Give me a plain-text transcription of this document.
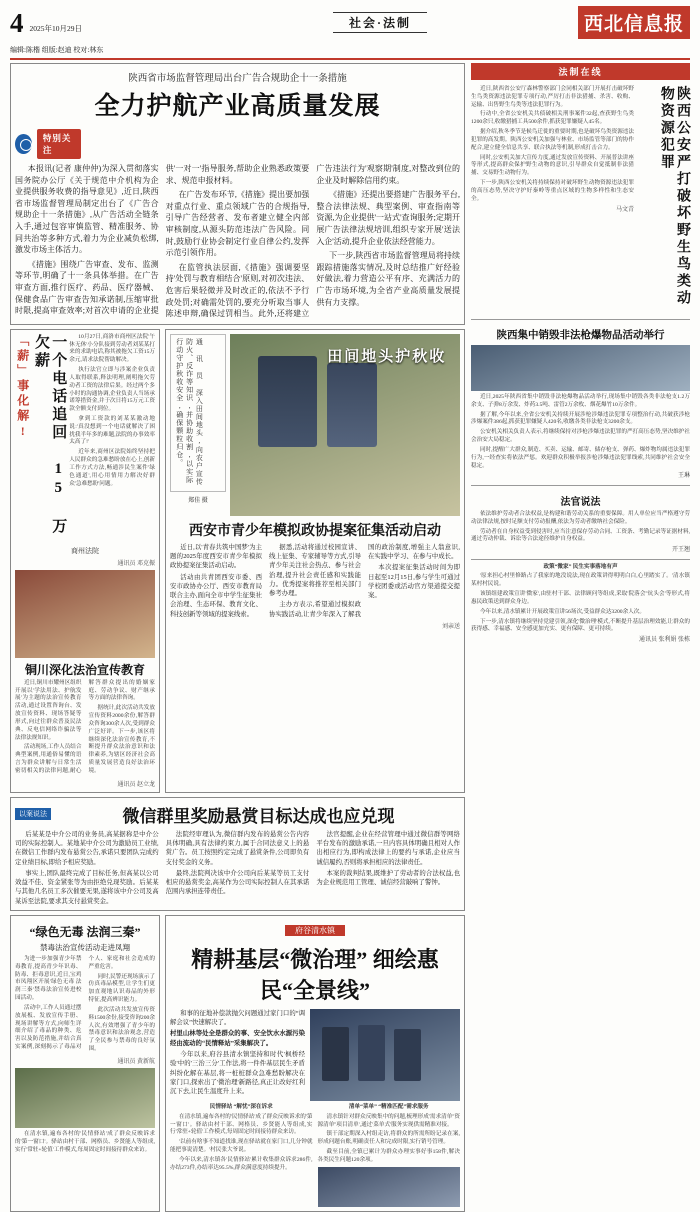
4 2025年10月29日
编辑:陈楷 组版:赵迪 校对:林东
社会·法制	西北信息报
陕西省市场监督管理局出台广告合规助企十一条措施
全力护航产业高质量发展
特别关注

本报讯(记者 康仲仲)为深入贯彻落实国务院办公厅《关于规范中介机构为企业提供服务收费的指导意见》,近日,陕西省市场监督管理局制定出台了《广告合规助企十一条措施》,从广告活动全链条入手,通过包容审慎监管、精准服务、协同共治等多种方式,着力为企业减负松绑,激发市场主体活力。

《措施》围绕广告审查、发布、监测等环节,明确了十一条具体举措。在广告审查方面,推行医疗、药品、医疗器械、保健食品广告审查告知承诺制,压缩审批时限,提高审查效率;对首次申请的企业提供'一对一'指导服务,帮助企业熟悉政策要求、规范申报材料。

在广告发布环节,《措施》提出要加强对重点行业、重点领域广告的合规指导,引导广告经营者、发布者建立健全内部审核制度,从源头防范违法广告风险。同时,鼓励行业协会制定行业自律公约,发挥示范引领作用。

在监管执法层面,《措施》强调要坚持'处罚与教育相结合'原则,对初次违法、危害后果轻微并及时改正的,依法不予行政处罚;对确需处罚的,要充分听取当事人陈述申辩,确保过罚相当。此外,还将建立广告违法行为'观察期'制度,对整改到位的企业及时解除信用约束。

《措施》还提出要搭建广告服务平台,整合法律法规、典型案例、审查指南等资源,为企业提供'一站式'查询服务;定期开展广告法律法规培训,组织专家开展'送法入企'活动,提升企业依法经营能力。

下一步,陕西省市场监督管理局将持续跟踪措施落实情况,及时总结推广好经验好做法,着力营造公平有序、充满活力的广告市场环境,为全省产业高质量发展提供有力支撑。

「薪」事化解!	一个电话追回 15 万欠薪	10月27日,商洛市商州区法院'午休无休'小分队接到劳动者刘某某打来的求助电话,称其被拖欠工资15万余元,请求法院帮助解决。

执行法官立即与涉案企业负责人取得联系,释法明理,阐明拖欠劳动者工资的法律后果。经过两个多小时的沟通协调,企业负责人当场承诺筹措资金,并于次日将15万元工资款全额支付到位。

拿到工资款的刘某某激动地说:'真没想到一个电话就解决了困扰我半年多的难题,法院的办事效率太高了!'

近年来,商州区法院始终坚持把人民群众的急难愁盼放在心上,创新工作方式方法,畅通涉民生案件'绿色通道',用心用情用力解决好群众'急难愁盼'问题。

商州法院
通讯员 邓克振
铜川深化法治宣传教育

近日,铜川市耀州区组织开展以'学法用法、护航发展'为主题的法治宣传教育活动,通过设置咨询台、发放宣传资料、现场答疑等形式,向过往群众普及民法典、反电信网络诈骗法等法律法规知识。

活动现场,工作人员结合典型案例,用通俗易懂的语言为群众讲解与日常生活密切相关的法律问题,耐心解答群众提出的婚姻家庭、劳动争议、财产继承等方面的法律咨询。

据统计,此次活动共发放宣传资料2000余份,解答群众咨询300余人次,受到群众广泛好评。下一步,该区将继续深化法治宣传教育,不断提升群众法治意识和法律素养,为辖区经济社会高质量发展营造良好法治环境。

通讯员 赵立龙
通 讯 员 深入田间地头,向农户宣传防火、反诈等知识,并协助收割,以实际行动守护秋收安全,确保颗粒归仓。
郑佳 摄
田间地头护秋收
西安市青少年模拟政协提案征集活动启动

近日,以'青春共筑中国梦'为主题的2025年度西安市青少年模拟政协提案征集活动启动。

活动由共青团西安市委、西安市政协办公厅、西安市教育局联合主办,面向全市中学生征集社会治理、生态环保、教育文化、科技创新等领域的提案线索。

据悉,活动将通过校园宣讲、线上征集、专家辅导等方式,引导青少年关注社会热点、参与社会治理,提升社会责任感和实践能力。优秀提案将推荐至相关部门参考办理。

主办方表示,希望通过模拟政协实践活动,让青少年深入了解我国的政治制度,增强主人翁意识,在实践中学习、在参与中成长。

本次提案征集活动时间为即日起至12月15日,参与学生可通过学校团委或活动官方渠道提交提案。

刘亲送
以案说法	微信群里奖励悬赏目标达成也应兑现

后某某是中介公司的业务员,高某据称是中介公司的实际控制人。某地某中介公司为激励员工业绩,在微信工作群内发布悬赏公告,承诺只要团队完成约定业绩目标,即给予相应奖励。

事实上,团队最终完成了目标任务,但高某以公司效益不佳、资金紧张等为由拒绝兑现奖励。后某某与其他几名员工多次催要无果,遂将该中介公司及高某诉至法院,要求其支付悬赏奖金。

法院经审理认为,微信群内发布的悬赏公告内容具体明确,具有法律约束力,属于合同法意义上的悬赏广告。员工按照约定完成了悬赏条件,公司即负有支付奖金的义务。

最终,法院判决该中介公司向后某某等员工支付相应的悬赏奖金,高某作为公司实际控制人在其承诺范围内承担连带责任。

法官提醒,企业在经营管理中通过微信群等网络平台发布的激励承诺,一旦内容具体明确且相对人作出相应行为,即构成法律上的要约与承诺,企业应当诚信履约,否则将承担相应的法律责任。

本案的裁判结果,既维护了劳动者的合法权益,也为企业规范用工管理、诚信经营敲响了警钟。

“绿色无毒 法润三秦”
禁毒法治宣传活动走进凤翔

为进一步加强青少年禁毒教育,提高青少年识毒、防毒、拒毒意识,近日,宝鸡市凤翔区开展'绿色无毒 法润三秦'禁毒法治宣传进校园活动。

活动中,工作人员通过摆放展板、发放宣传手册、现场讲解等方式,向师生详细介绍了毒品的种类、危害以及防范措施,并结合真实案例,深刻揭示了毒品对个人、家庭和社会造成的严重危害。

同时,民警还现场演示了仿真毒品模型,让学生们更加直观地认识毒品的外形特征,提高辨识能力。

此次活动共发放宣传资料1500余份,接受咨询200余人次,有效增强了青少年的禁毒意识和法治观念,营造了全民参与禁毒的良好氛围。

通讯员 黄新航

在清水镇,遍布各村的'民情驿站'成了群众反映诉求的'第一窗口'。驿站由村干部、网格员、乡贤能人等组成,实行'常驻+轮值'工作模式,每周固定时间接待群众来访。

府谷清水镇
精耕基层“微治理” 细绘惠民“全景线”

和事的征地补偿款抛欠问题通过家门口的“调解会议”快速解决了。

村里山林等处全是群众的事、安全饮水水源污染经由流动的“民情释站”采集解决了。

今年以来,府谷县清水镇坚持和时代'枫桥经验'中的'三治三分'工作法,将一件件基层民生矛盾纠纷化解在基层,将一桩桩群众急难愁盼解决在家门口,探索出了'微治理'新路径,真正让改好红利沉下去,让民生温度升上来。

民情驿站 “解忧”深在诉求

在清水镇,遍布各村的'民情驿站'成了群众反映诉求的'第一窗口'。驿站由村干部、网格员、乡贤能人等组成,实行'常驻+轮值'工作模式,每周固定时间接待群众来访。

'以前有啥事不知道找谁,现在驿站就在家门口,几分钟就能把事说清楚。'村民张大爷说。

今年以来,清水镇各'民情驿站'累计收集群众诉求286件,办结273件,办结率达95.5%,群众满意度持续提升。

清单“菜单” “精准匹配”需求服务

清水镇针对群众反映集中的问题,梳理形成'需求清单''资源清单''项目清单',通过'菜单式'服务实现供需精准对接。

镇干部定期深入村组走访,将群众的所需所盼记录在案,形成问题台账,明确责任人和完成时限,实行销号管理。

截至目前,全镇已累计为群众办理实事好事158件,解决各类民生问题120余项。

法制在线

近日,陕西省公安厅森林警察部门会同相关部门开展打击破坏野生鸟类资源违法犯罪专项行动,严厉打击非法猎捕、杀害、收购、运输、出售野生鸟类等违法犯罪行为。

行动中,全省公安机关共侦破相关刑事案件32起,查获野生鸟类1200余只,收缴猎捕工具500余件,抓获犯罪嫌疑人45名。

据介绍,秋冬季节是候鸟迁徙的重要时期,也是破坏鸟类资源违法犯罪的高发期。陕西公安机关加强与林业、市场监管等部门的协作配合,建立健全信息共享、联合执法等机制,形成打击合力。

同时,公安机关加大宣传力度,通过发放宣传资料、开展普法讲座等形式,提高群众保护野生动物的意识,引导群众自觉抵制非法猎捕、交易野生动物行为。

下一步,陕西公安机关将持续保持对破坏野生动物资源违法犯罪的高压态势,坚决守护好秦岭等重点区域的生物多样性和生态安全。

马文青	陕西公安严打破坏野生鸟类动物资源犯罪
陕西集中销毁非法枪爆物品活动举行

近日,2025年陕西省集中销毁非法枪爆物品活动举行,现场集中销毁各类非法枪支1.2万余支、子弹8万余发、炸药3.5吨、雷管2万余枚、烟花爆竹10万余件。

据了解,今年以来,全省公安机关持续开展涉枪涉爆违法犯罪专项整治行动,共破获涉枪涉爆案件386起,抓获犯罪嫌疑人420名,收缴各类非法枪支3200余支。

公安机关相关负责人表示,将继续保持对涉枪涉爆违法犯罪的严打高压态势,坚决维护社会治安大局稳定。

同时,提醒广大群众,制造、买卖、运输、邮寄、储存枪支、弹药、爆炸物均属违法犯罪行为,一经查实将依法严惩。欢迎群众积极举报涉枪涉爆违法犯罪线索,共同维护社会安全稳定。

王琳
法官说法

依法维护劳动者合法权益,是构建和谐劳动关系的重要保障。用人单位应当严格遵守劳动法律法规,按时足额支付劳动报酬,依法为劳动者缴纳社会保险。

劳动者在自身权益受到侵害时,应当注意保存劳动合同、工资条、考勤记录等证据材料,通过劳动仲裁、诉讼等合法途径维护自身权益。

开王翘

政策“微家” 民生实事落地有声

'原来担心村里修路占了我家的地没说法,现在政策讲得明明白白,心里踏实了。'清水镇某村村民说。

该镇组建政策宣讲'微家',由驻村干部、法律顾问等组成,采取'院落会''炕头会'等形式,将惠民政策送到群众身边。

今年以来,清水镇累计开展政策宣讲56场次,受益群众达3200余人次。

下一步,清水镇将继续坚持党建引领,深化'微治理'模式,不断提升基层治理效能,让群众的获得感、幸福感、安全感更加充实、更有保障、更可持续。

通讯员 张利娟 张栋
